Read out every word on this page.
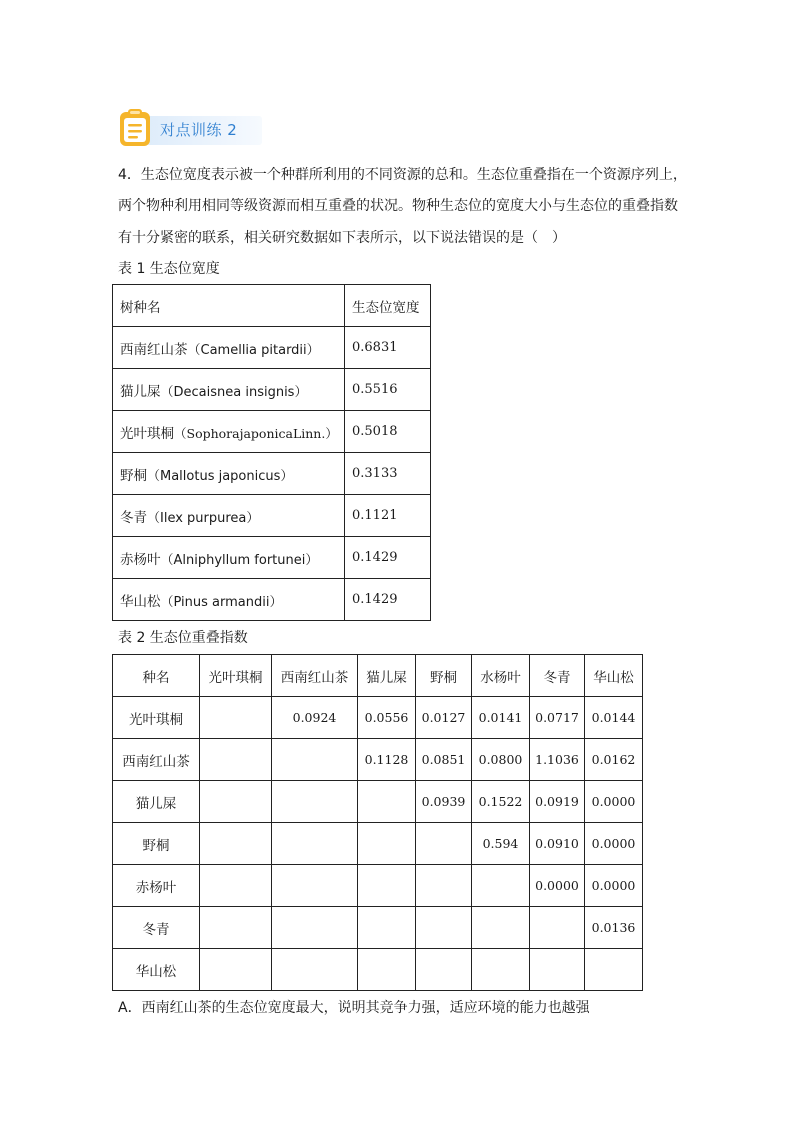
对点训练 2
4．生态位宽度表示被一个种群所利用的不同资源的总和。生态位重叠指在一个资源序列上，
两个物种利用相同等级资源而相互重叠的状况。物种生态位的宽度大小与生态位的重叠指数
有十分紧密的联系，相关研究数据如下表所示，以下说法错误的是（　）
表 1 生态位宽度
树种名	生态位宽度
西南红山茶（Camellia pitardii）	0.6831
猫儿屎（Decaisnea insignis）	0.5516
光叶琪桐（SophorajaponicaLinn.）	0.5018
野桐（Mallotus japonicus）	0.3133
冬青（Ilex purpurea）	0.1121
赤杨叶（Alniphyllum fortunei）	0.1429
华山松（Pinus armandii）	0.1429
表 2 生态位重叠指数
种名	光叶琪桐	西南红山茶	猫儿屎	野桐	水杨叶	冬青	华山松
光叶琪桐		0.0924	0.0556	0.0127	0.0141	0.0717	0.0144
西南红山茶			0.1128	0.0851	0.0800	1.1036	0.0162
猫儿屎				0.0939	0.1522	0.0919	0.0000
野桐					0.594	0.0910	0.0000
赤杨叶						0.0000	0.0000
冬青							0.0136
华山松							
A．西南红山茶的生态位宽度最大，说明其竞争力强，适应环境的能力也越强
